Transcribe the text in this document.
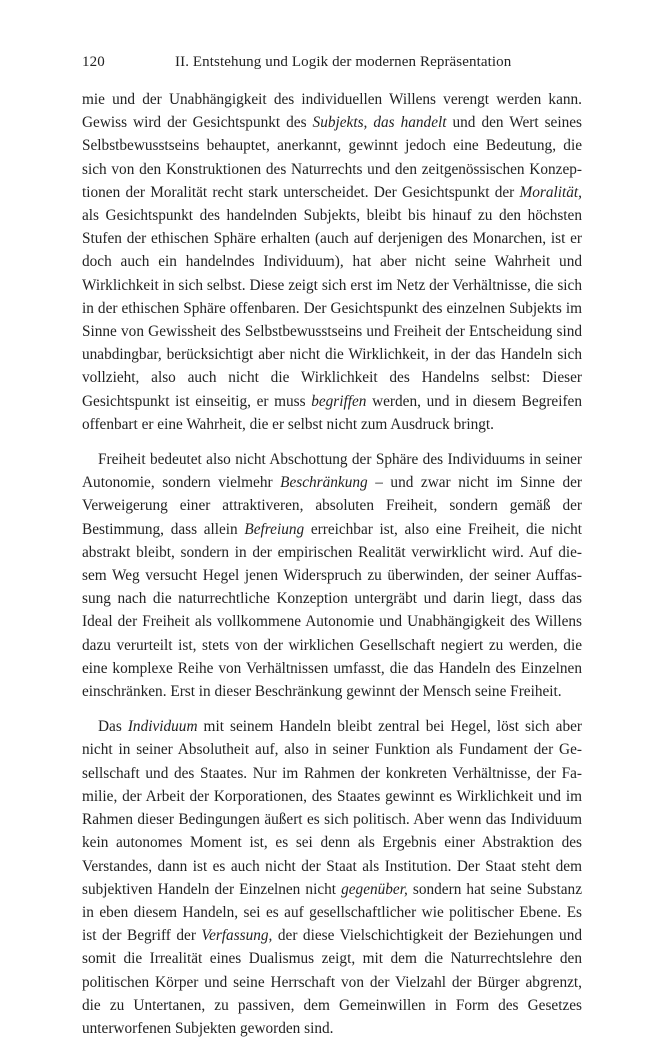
120	II. Entstehung und Logik der modernen Repräsentation

mie und der Unabhängigkeit des individuellen Willens verengt werden kann. Gewiss wird der Gesichtspunkt des Subjekts, das handelt und den Wert seines Selbstbewusstseins behauptet, anerkannt, gewinnt jedoch eine Bedeutung, die sich von den Konstruktionen des Naturrechts und den zeitgenössischen Konzeptionen der Moralität recht stark unterscheidet. Der Gesichtspunkt der Moralität, als Gesichtspunkt des handelnden Subjekts, bleibt bis hinauf zu den höchsten Stufen der ethischen Sphäre erhalten (auch auf derjenigen des Monarchen, ist er doch auch ein handelndes Individuum), hat aber nicht seine Wahrheit und Wirklichkeit in sich selbst. Diese zeigt sich erst im Netz der Verhältnisse, die sich in der ethischen Sphäre offenbaren. Der Gesichtspunkt des einzelnen Subjekts im Sinne von Gewissheit des Selbstbewusstseins und Freiheit der Entscheidung sind unabdingbar, berücksichtigt aber nicht die Wirklichkeit, in der das Handeln sich vollzieht, also auch nicht die Wirklichkeit des Handelns selbst: Dieser Gesichtspunkt ist einseitig, er muss begriffen werden, und in diesem Begreifen offenbart er eine Wahrheit, die er selbst nicht zum Ausdruck bringt.

Freiheit bedeutet also nicht Abschottung der Sphäre des Individuums in seiner Autonomie, sondern vielmehr Beschränkung – und zwar nicht im Sinne der Verweigerung einer attraktiveren, absoluten Freiheit, sondern gemäß der Bestimmung, dass allein Befreiung erreichbar ist, also eine Freiheit, die nicht abstrakt bleibt, sondern in der empirischen Realität verwirklicht wird. Auf diesem Weg versucht Hegel jenen Widerspruch zu überwinden, der seiner Auffassung nach die naturrechtliche Konzeption untergräbt und darin liegt, dass das Ideal der Freiheit als vollkommene Autonomie und Unabhängigkeit des Willens dazu verurteilt ist, stets von der wirklichen Gesellschaft negiert zu werden, die eine komplexe Reihe von Verhältnissen umfasst, die das Handeln des Einzelnen einschränken. Erst in dieser Beschränkung gewinnt der Mensch seine Freiheit.

Das Individuum mit seinem Handeln bleibt zentral bei Hegel, löst sich aber nicht in seiner Absolutheit auf, also in seiner Funktion als Fundament der Gesellschaft und des Staates. Nur im Rahmen der konkreten Verhältnisse, der Familie, der Arbeit der Korporationen, des Staates gewinnt es Wirklichkeit und im Rahmen dieser Bedingungen äußert es sich politisch. Aber wenn das Individuum kein autonomes Moment ist, es sei denn als Ergebnis einer Abstraktion des Verstandes, dann ist es auch nicht der Staat als Institution. Der Staat steht dem subjektiven Handeln der Einzelnen nicht gegenüber, sondern hat seine Substanz in eben diesem Handeln, sei es auf gesellschaftlicher wie politischer Ebene. Es ist der Begriff der Verfassung, der diese Vielschichtigkeit der Beziehungen und somit die Irrealität eines Dualismus zeigt, mit dem die Naturrechtslehre den politischen Körper und seine Herrschaft von der Vielzahl der Bürger abgrenzt, die zu Untertanen, zu passiven, dem Gemeinwillen in Form des Gesetzes unterworfenen Subjekten geworden sind.
